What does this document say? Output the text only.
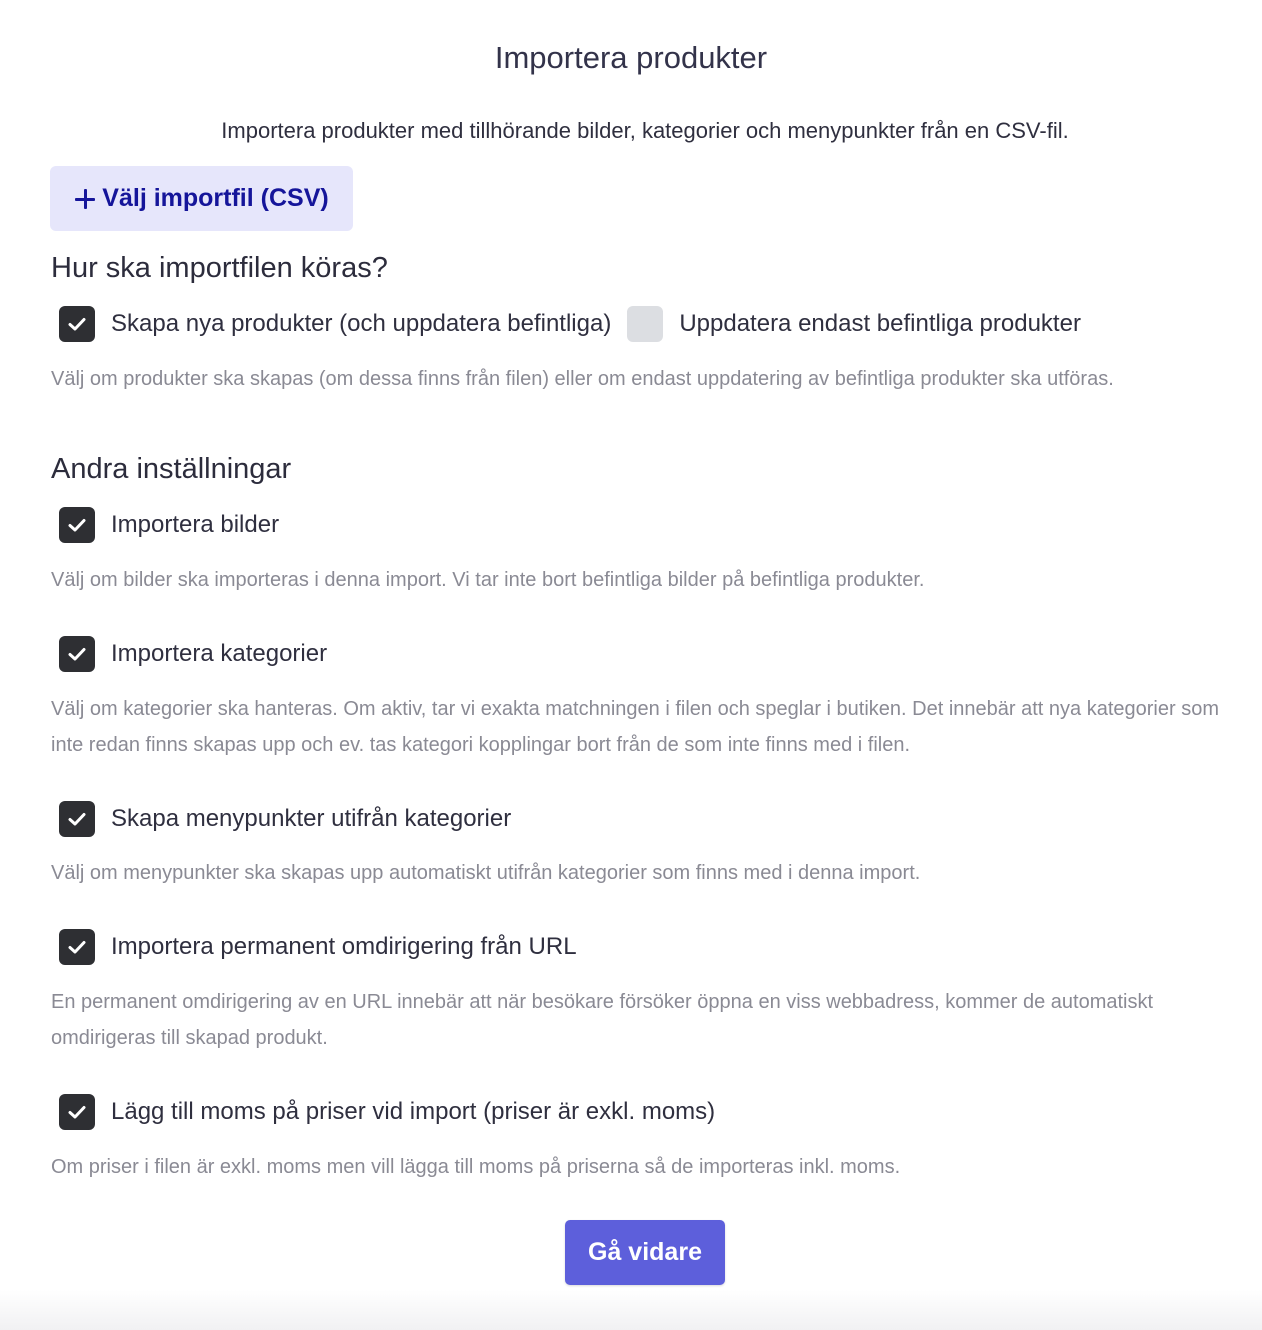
Importera produkter
Importera produkter med tillhörande bilder, kategorier och menypunkter från en CSV-fil.
Välj importfil (CSV)
Hur ska importfilen köras?
Skapa nya produkter (och uppdatera befintliga)	Uppdatera endast befintliga produkter
Välj om produkter ska skapas (om dessa finns från filen) eller om endast uppdatering av befintliga produkter ska utföras.
Andra inställningar
Importera bilder
Välj om bilder ska importeras i denna import. Vi tar inte bort befintliga bilder på befintliga produkter.
Importera kategorier
Välj om kategorier ska hanteras. Om aktiv, tar vi exakta matchningen i filen och speglar i butiken. Det innebär att nya kategorier som inte redan finns skapas upp och ev. tas kategori kopplingar bort från de som inte finns med i filen.
Skapa menypunkter utifrån kategorier
Välj om menypunkter ska skapas upp automatiskt utifrån kategorier som finns med i denna import.
Importera permanent omdirigering från URL
En permanent omdirigering av en URL innebär att när besökare försöker öppna en viss webbadress, kommer de automatiskt omdirigeras till skapad produkt.
Lägg till moms på priser vid import (priser är exkl. moms)
Om priser i filen är exkl. moms men vill lägga till moms på priserna så de importeras inkl. moms.
Gå vidare
